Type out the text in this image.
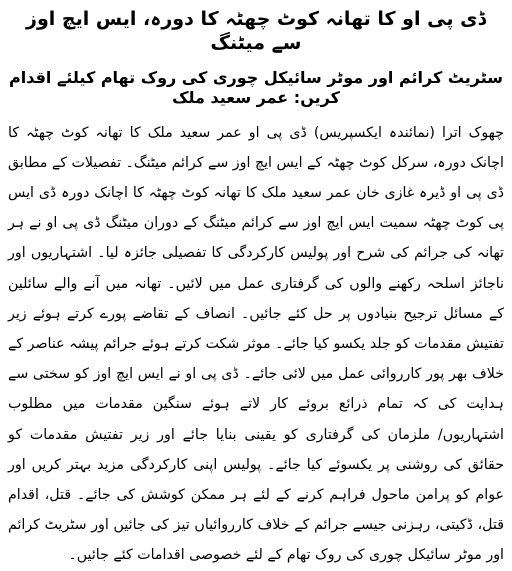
ڈی پی او کا تھانہ کوٹ چھٹہ کا دورہ، ایس ایچ اوز سے میٹنگ
سٹریٹ کرائم اور موٹر سائیکل چوری کی روک تھام کیلئے اقدام کریں: عمر سعید ملک

چھوک اترا (نمائندہ ایکسپریس) ڈی پی او عمر سعید ملک کا تھانہ کوٹ چھٹہ کا اچانک دورہ، سرکل کوٹ چھٹہ کے ایس ایچ اوز سے کرائم میٹنگ۔ تفصیلات کے مطابق ڈی پی او ڈیرہ غازی خان عمر سعید ملک کا تھانہ کوٹ چھٹہ کا اچانک دورہ ڈی ایس پی کوٹ چھٹہ سمیت ایس ایچ اوز سے کرائم میٹنگ کے دوران میٹنگ ڈی پی او نے ہر تھانہ کی جرائم کی شرح اور پولیس کارکردگی کا تفصیلی جائزہ لیا۔ اشتہاریوں اور ناجائز اسلحہ رکھنے والوں کی گرفتاری عمل میں لائیں۔ تھانہ میں آنے والے سائلین کے مسائل ترجیح بنیادوں پر حل کئے جائیں۔ انصاف کے تقاضے پورے کرتے ہوئے زیر تفتیش مقدمات کو جلد یکسو کیا جائے۔ موثر شکت کرتے ہوئے جرائم پیشہ عناصر کے خلاف بھر پور کارروائی عمل میں لائی جائے۔ ڈی پی او نے ایس ایچ اوز کو سختی سے ہدایت کی کہ تمام ذرائع بروئے کار لاتے ہوئے سنگین مقدمات میں مطلوب اشتہاریوں/ ملزمان کی گرفتاری کو یقینی بنایا جائے اور زیر تفتیش مقدمات کو حقائق کی روشنی پر یکسوئے کیا جائے۔ پولیس اپنی کارکردگی مزید بہتر کریں اور عوام کو پرامن ماحول فراہم کرنے کے لئے ہر ممکن کوشش کی جائے۔ قتل، اقدام قتل، ڈکیتی، رہزنی جیسے جرائم کے خلاف کارروائیاں تیز کی جائیں اور سٹریٹ کرائم اور موٹر سائیکل چوری کی روک تھام کے لئے خصوصی اقدامات کئے جائیں۔
